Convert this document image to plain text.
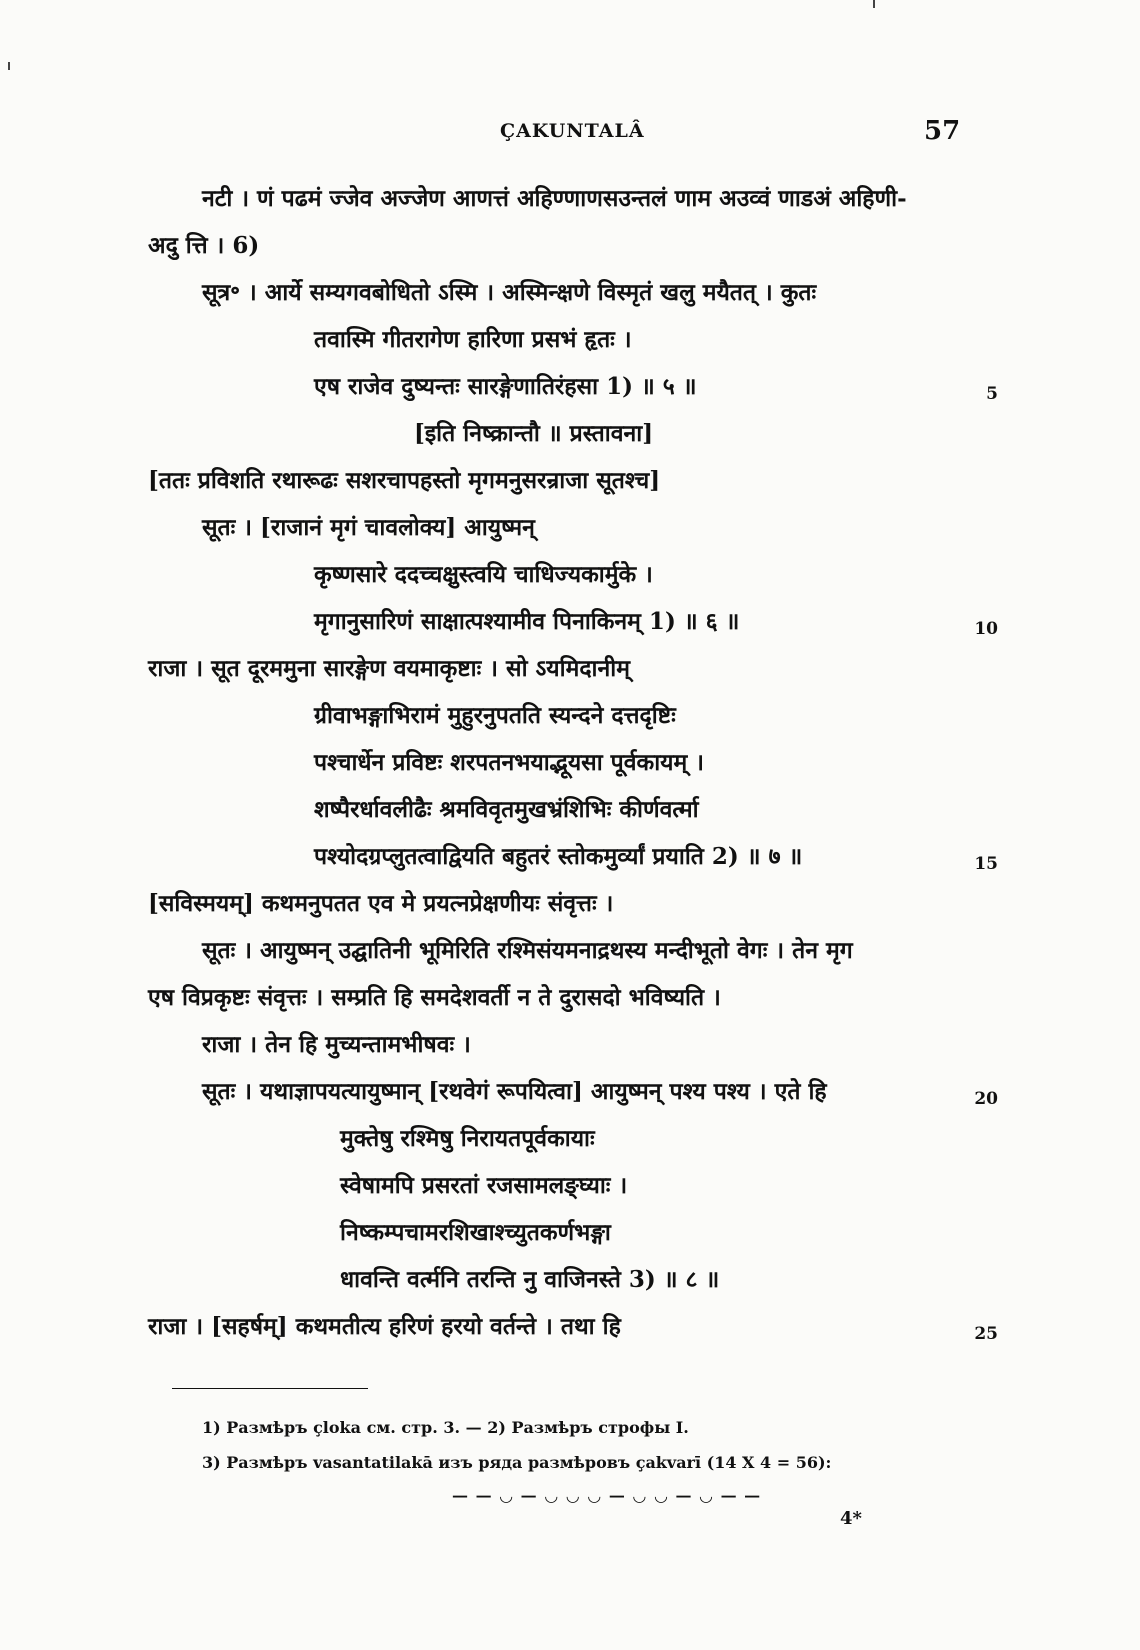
ÇAKUNTALÂ	57
नटी । णं पढमं ज्जेव अज्जेण आणत्तं अहिण्णाणसउन्तलं णाम अउव्वं णाडअं अहिणी-
अदु त्ति । 6)
सूत्र॰ । आर्ये सम्यगवबोधितो ऽस्मि । अस्मिन्क्षणे विस्मृतं खलु मयैतत् । कुतः
तवास्मि गीतरागेण हारिणा प्रसभं हृतः ।
एष राजेव दुष्यन्तः सारङ्गेणातिरंहसा 1) ॥ ५ ॥
[इति निष्क्रान्तौ ॥ प्रस्तावना]
[ततः प्रविशति रथारूढः सशरचापहस्तो मृगमनुसरन्राजा सूतश्च]
सूतः । [राजानं मृगं चावलोक्य] आयुष्मन्
कृष्णसारे ददच्चक्षुस्त्वयि चाधिज्यकार्मुके ।
मृगानुसारिणं साक्षात्पश्यामीव पिनाकिनम् 1) ॥ ६ ॥
राजा । सूत दूरममुना सारङ्गेण वयमाकृष्टाः । सो ऽयमिदानीम्
ग्रीवाभङ्गाभिरामं मुहुरनुपतति स्यन्दने दत्तदृष्टिः
पश्चार्धेन प्रविष्टः शरपतनभयाद्भूयसा पूर्वकायम् ।
शष्पैरर्धावलीढैः श्रमविवृतमुखभ्रंशिभिः कीर्णवर्त्मा
पश्योदग्रप्लुतत्वाद्वियति बहुतरं स्तोकमुर्व्यां प्रयाति 2) ॥ ७ ॥
[सविस्मयम्] कथमनुपतत एव मे प्रयत्नप्रेक्षणीयः संवृत्तः ।
सूतः । आयुष्मन् उद्घातिनी भूमिरिति रश्मिसंयमनाद्रथस्य मन्दीभूतो वेगः । तेन मृग
एष विप्रकृष्टः संवृत्तः । सम्प्रति हि समदेशवर्ती न ते दुरासदो भविष्यति ।
राजा । तेन हि मुच्यन्तामभीषवः ।
सूतः । यथाज्ञापयत्यायुष्मान् [रथवेगं रूपयित्वा] आयुष्मन् पश्य पश्य । एते हि
मुक्तेषु रश्मिषु निरायतपूर्वकायाः
स्वेषामपि प्रसरतां रजसामलङ्घ्याः ।
निष्कम्पचामरशिखाश्च्युतकर्णभङ्गा
धावन्ति वर्त्मनि तरन्ति नु वाजिनस्ते 3) ॥ ८ ॥
राजा । [सहर्षम्] कथमतीत्य हरिणं हरयो वर्तन्ते । तथा हि
5
10
15
20
25
1) Размѣръ çloka см. стр. 3. — 2) Размѣръ строфы I.
3) Размѣръ vasantatilakā изъ ряда размѣровъ çakvarī (14 X 4 = 56):
— — ◡ — ◡ ◡ ◡ — ◡ ◡ — ◡ — —
4*
